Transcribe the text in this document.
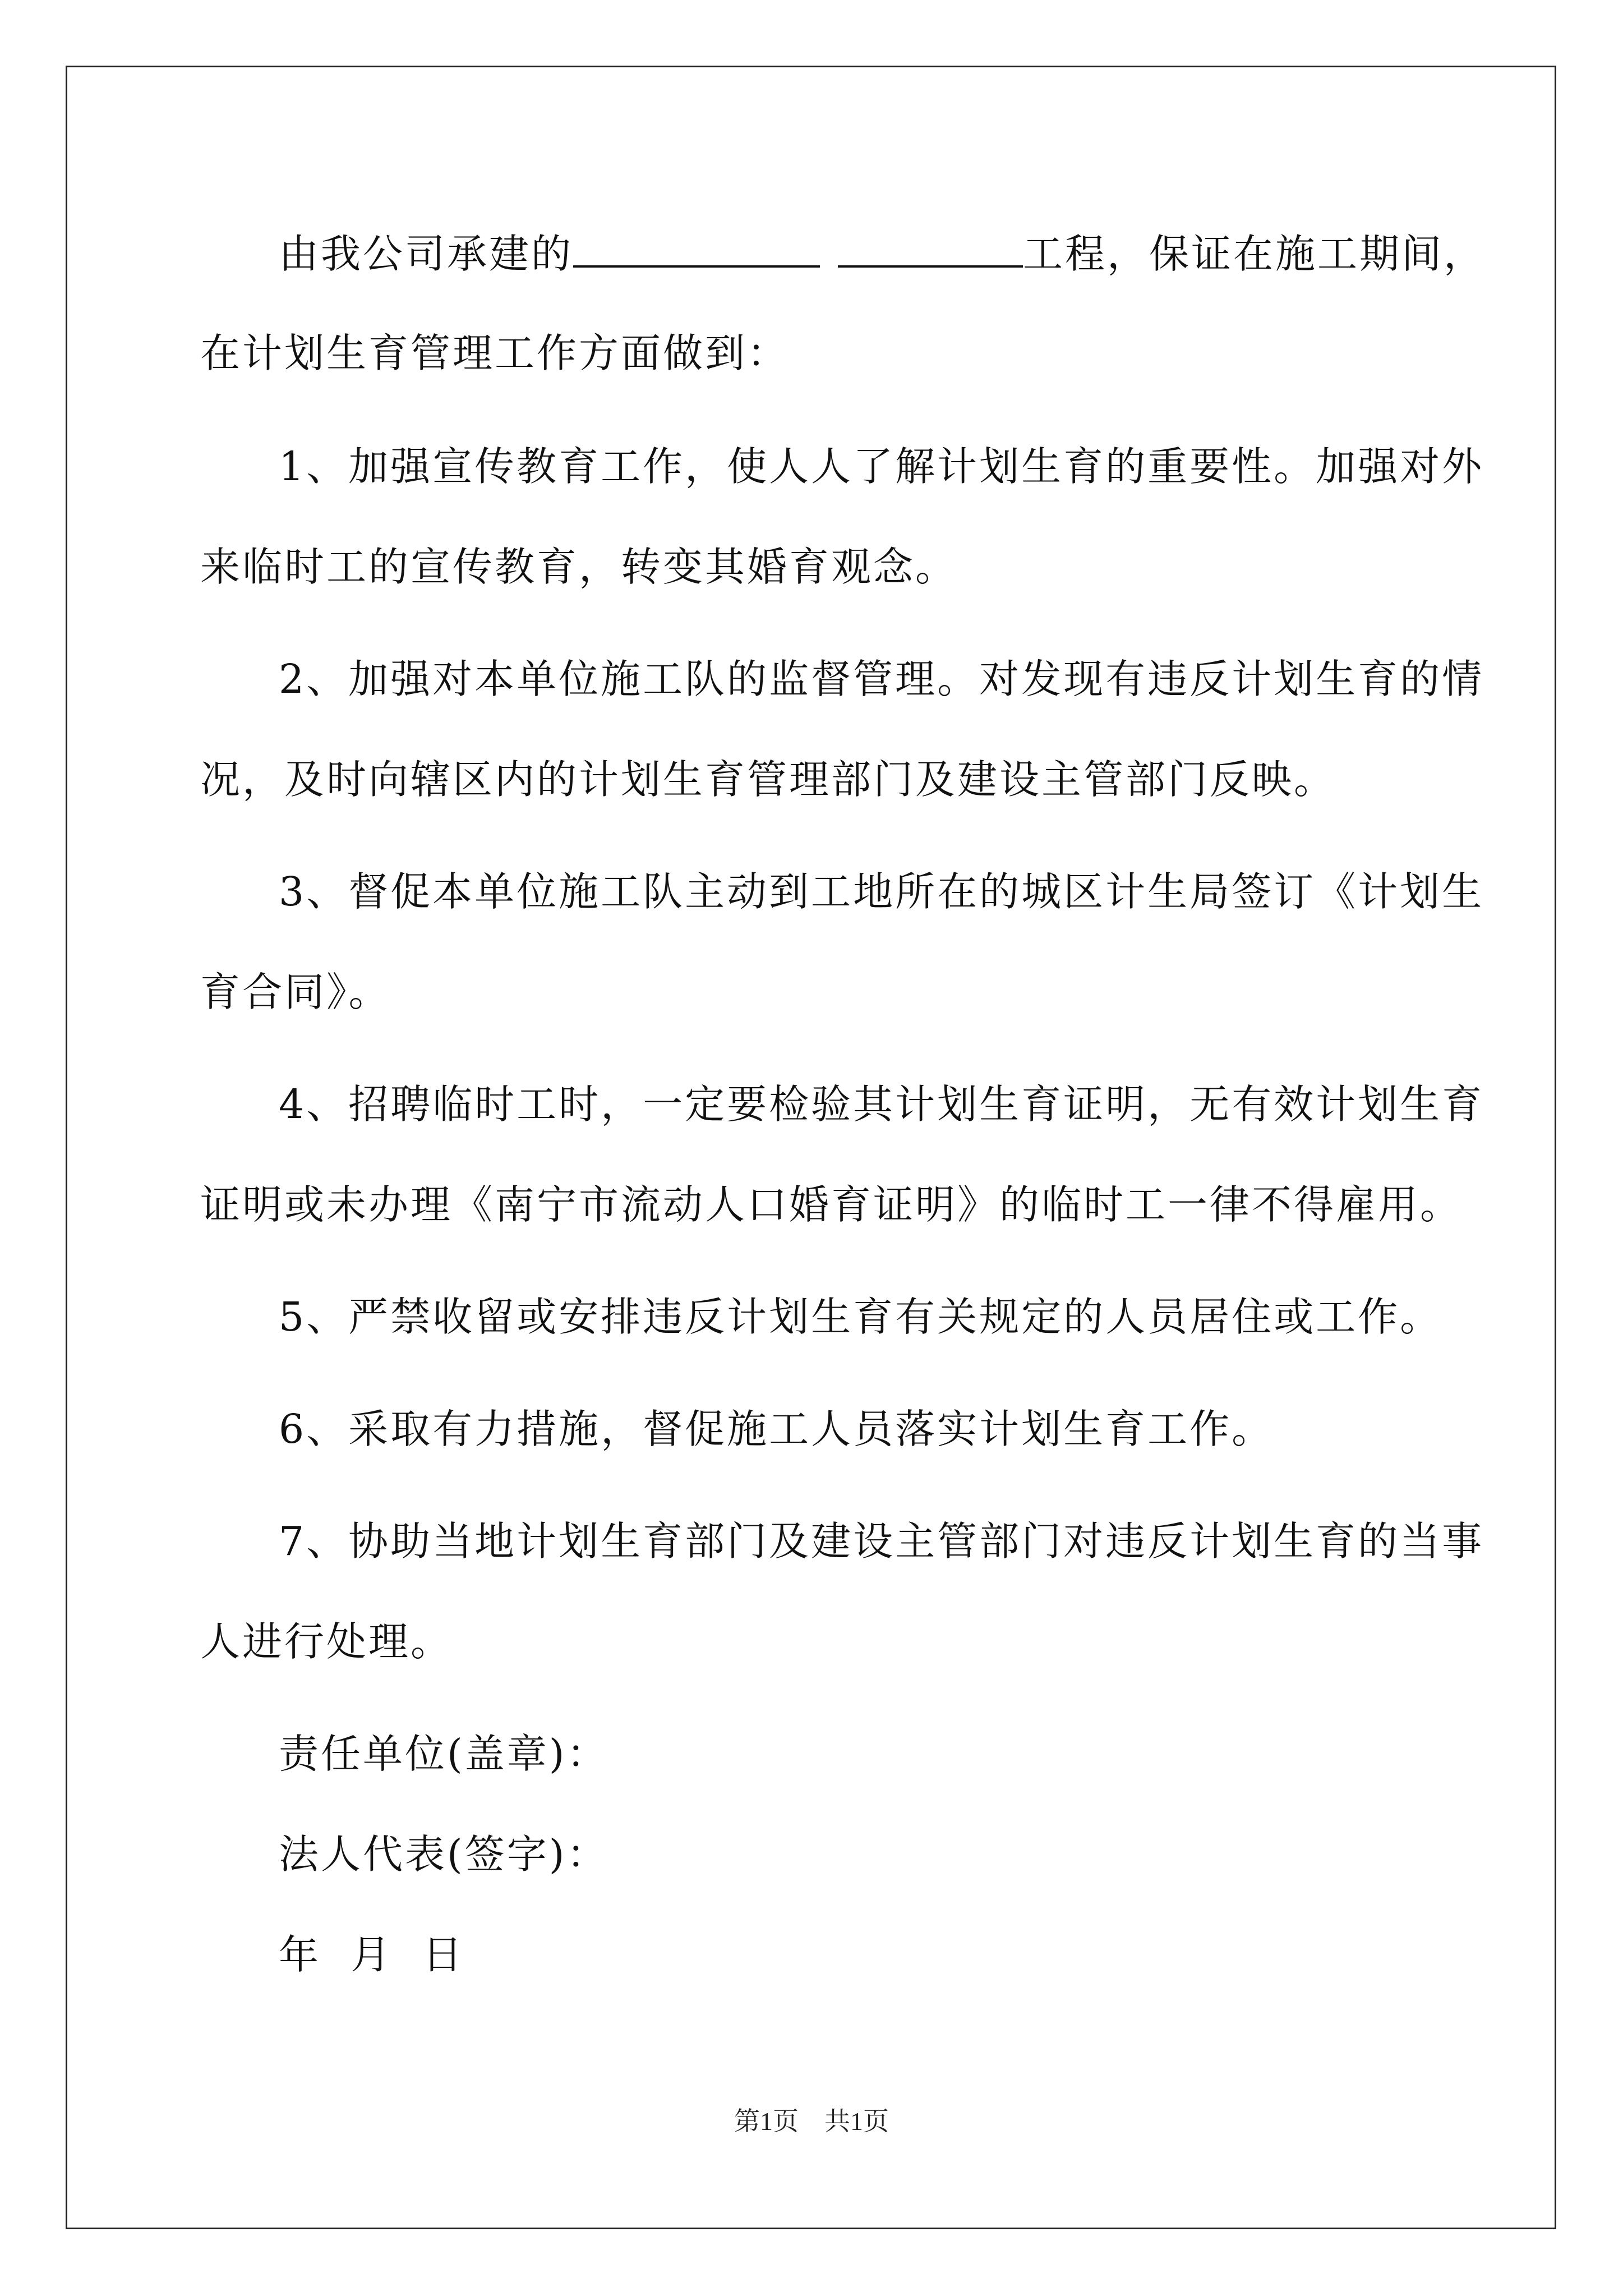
由我公司承建的	工程，保证在施工期间，
在计划生育管理工作方面做到：
1、加强宣传教育工作，使人人了解计划生育的重要性。加强对外
来临时工的宣传教育，转变其婚育观念。
2、加强对本单位施工队的监督管理。对发现有违反计划生育的情
况，及时向辖区内的计划生育管理部门及建设主管部门反映。
3、督促本单位施工队主动到工地所在的城区计生局签订《计划生
育合同》。
4、招聘临时工时，一定要检验其计划生育证明，无有效计划生育
证明或未办理《南宁市流动人口婚育证明》的临时工一律不得雇用。
5、严禁收留或安排违反计划生育有关规定的人员居住或工作。
6、采取有力措施，督促施工人员落实计划生育工作。
7、协助当地计划生育部门及建设主管部门对违反计划生育的当事
人进行处理。
责任单位(盖章)：
法人代表(签字)：
年  月  日
第1页 共1页
